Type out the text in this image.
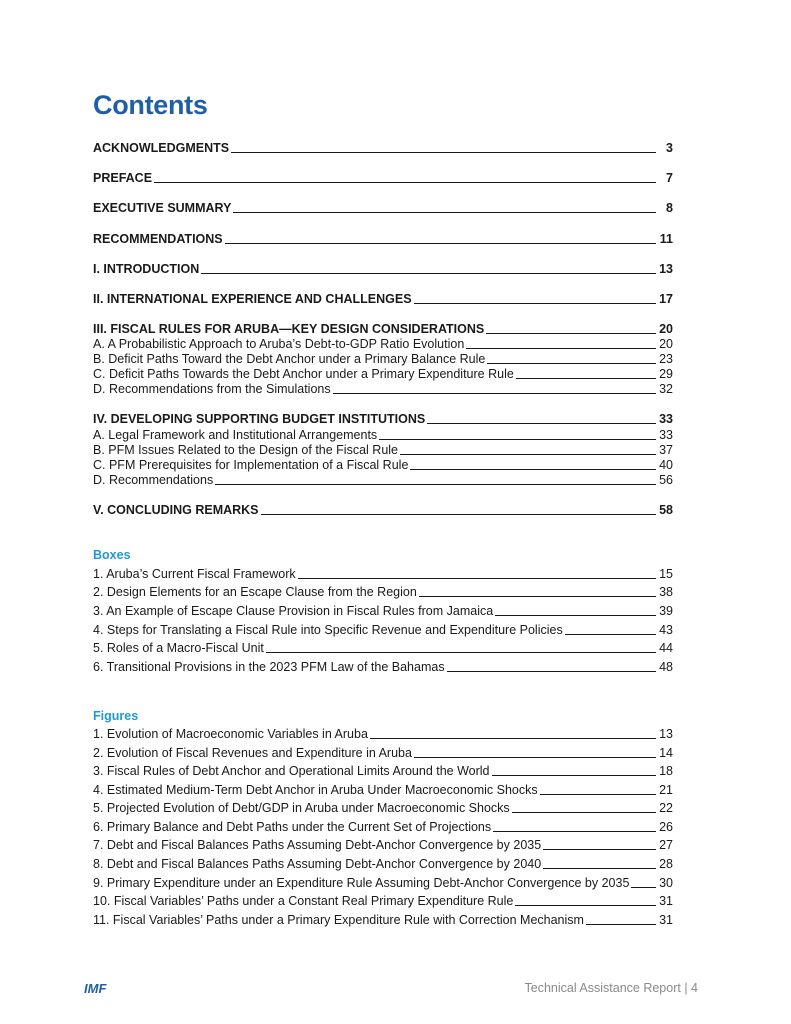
Contents
ACKNOWLEDGMENTS	3
PREFACE	7
EXECUTIVE SUMMARY	8
RECOMMENDATIONS	11
I. INTRODUCTION	13
II. INTERNATIONAL EXPERIENCE AND CHALLENGES	17
III. FISCAL RULES FOR ARUBA—KEY DESIGN CONSIDERATIONS	20
A. A Probabilistic Approach to Aruba’s Debt-to-GDP Ratio Evolution	20
B. Deficit Paths Toward the Debt Anchor under a Primary Balance Rule	23
C. Deficit Paths Towards the Debt Anchor under a Primary Expenditure Rule	29
D. Recommendations from the Simulations	32
IV. DEVELOPING SUPPORTING BUDGET INSTITUTIONS	33
A. Legal Framework and Institutional Arrangements	33
B. PFM Issues Related to the Design of the Fiscal Rule	37
C. PFM Prerequisites for Implementation of a Fiscal Rule	40
D. Recommendations	56
V. CONCLUDING REMARKS	58
Boxes
1. Aruba’s Current Fiscal Framework	15
2. Design Elements for an Escape Clause from the Region	38
3. An Example of Escape Clause Provision in Fiscal Rules from Jamaica	39
4. Steps for Translating a Fiscal Rule into Specific Revenue and Expenditure Policies	43
5. Roles of a Macro-Fiscal Unit	44
6. Transitional Provisions in the 2023 PFM Law of the Bahamas	48
Figures
1. Evolution of Macroeconomic Variables in Aruba	13
2. Evolution of Fiscal Revenues and Expenditure in Aruba	14
3. Fiscal Rules of Debt Anchor and Operational Limits Around the World	18
4. Estimated Medium-Term Debt Anchor in Aruba Under Macroeconomic Shocks	21
5. Projected Evolution of Debt/GDP in Aruba under Macroeconomic Shocks	22
6. Primary Balance and Debt Paths under the Current Set of Projections	26
7. Debt and Fiscal Balances Paths Assuming Debt-Anchor Convergence by 2035	27
8. Debt and Fiscal Balances Paths Assuming Debt-Anchor Convergence by 2040	28
9. Primary Expenditure under an Expenditure Rule Assuming Debt-Anchor Convergence by 2035 30
10. Fiscal Variables’ Paths under a Constant Real Primary Expenditure Rule	31
11. Fiscal Variables’ Paths under a Primary Expenditure Rule with Correction Mechanism	31
IMF	Technical Assistance Report | 4
